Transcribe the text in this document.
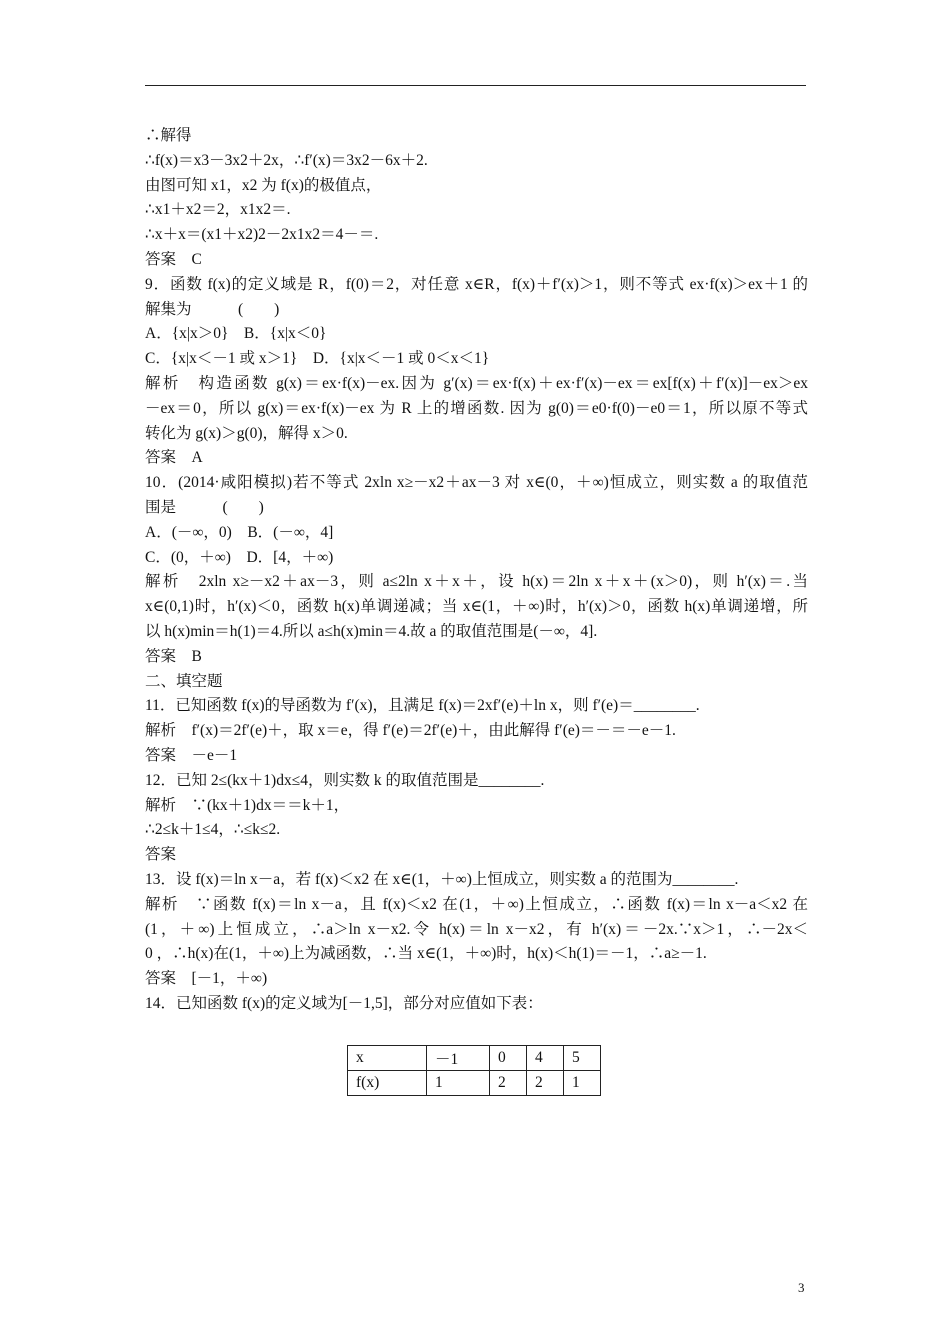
∴解得
∴f(x)＝x3－3x2＋2x，∴f′(x)＝3x2－6x＋2.
由图可知 x1，x2 为 f(x)的极值点，
∴x1＋x2＝2，x1x2＝.
∴x＋x＝(x1＋x2)2－2x1x2＝4－＝.
答案　C
9．函数 f(x)的定义域是 R，f(0)＝2，对任意 x∈R，f(x)＋f′(x)＞1，则不等式 ex·f(x)＞ex＋1 的
解集为　　　(　　)
A．{x|x＞0}　B．{x|x＜0}
C．{x|x＜－1 或 x＞1}　D．{x|x＜－1 或 0＜x＜1}
解析　构造函数 g(x)＝ex·f(x)－ex.因为 g′(x)＝ex·f(x)＋ex·f′(x)－ex＝ex[f(x)＋f′(x)]－ex＞ex
－ex＝0，所以 g(x)＝ex·f(x)－ex 为 R 上的增函数. 因为 g(0)＝e0·f(0)－e0＝1，所以原不等式
转化为 g(x)＞g(0)，解得 x＞0.
答案　A
10．(2014·咸阳模拟)若不等式 2xln x≥－x2＋ax－3 对 x∈(0，＋∞)恒成立，则实数 a 的取值范
围是　　　(　　)
A．(－∞，0)　B．(－∞，4]
C．(0，＋∞)　D．[4，＋∞)
解析　2xln x≥－x2＋ax－3，则 a≤2ln x＋x＋，设 h(x)＝2ln x＋x＋(x＞0)，则 h′(x)＝.当
x∈(0,1)时，h′(x)＜0，函数 h(x)单调递减；当 x∈(1，＋∞)时，h′(x)＞0，函数 h(x)单调递增，所
以 h(x)min＝h(1)＝4.所以 a≤h(x)min＝4.故 a 的取值范围是(－∞，4].
答案　B
二、填空题
11．已知函数 f(x)的导函数为 f′(x)，且满足 f(x)＝2xf′(e)＋ln x，则 f′(e)＝________.
解析　f′(x)＝2f′(e)＋，取 x＝e，得 f′(e)＝2f′(e)＋，由此解得 f′(e)＝－＝－e－1.
答案　－e－1
12．已知 2≤(kx＋1)dx≤4，则实数 k 的取值范围是________.
解析　∵(kx＋1)dx＝＝k＋1，
∴2≤k＋1≤4，∴≤k≤2.
答案
13．设 f(x)＝ln x－a，若 f(x)＜x2 在 x∈(1，＋∞)上恒成立，则实数 a 的范围为________.
解析　∵函数 f(x)＝ln x－a，且 f(x)＜x2 在(1，＋∞)上恒成立，∴函数 f(x)＝ln x－a＜x2 在
(1，＋∞)上恒成立，∴a＞ln x－x2.令 h(x)＝ln x－x2，有 h′(x)＝－2x.∵x＞1，∴－2x＜
0 ，∴h(x)在(1，＋∞)上为减函数，∴当 x∈(1，＋∞)时，h(x)＜h(1)＝－1，∴a≥－1.
答案　[－1，＋∞)
14．已知函数 f(x)的定义域为[－1,5]，部分对应值如下表：
x	－1	0	4	5
f(x)	1	2	2	1
3
